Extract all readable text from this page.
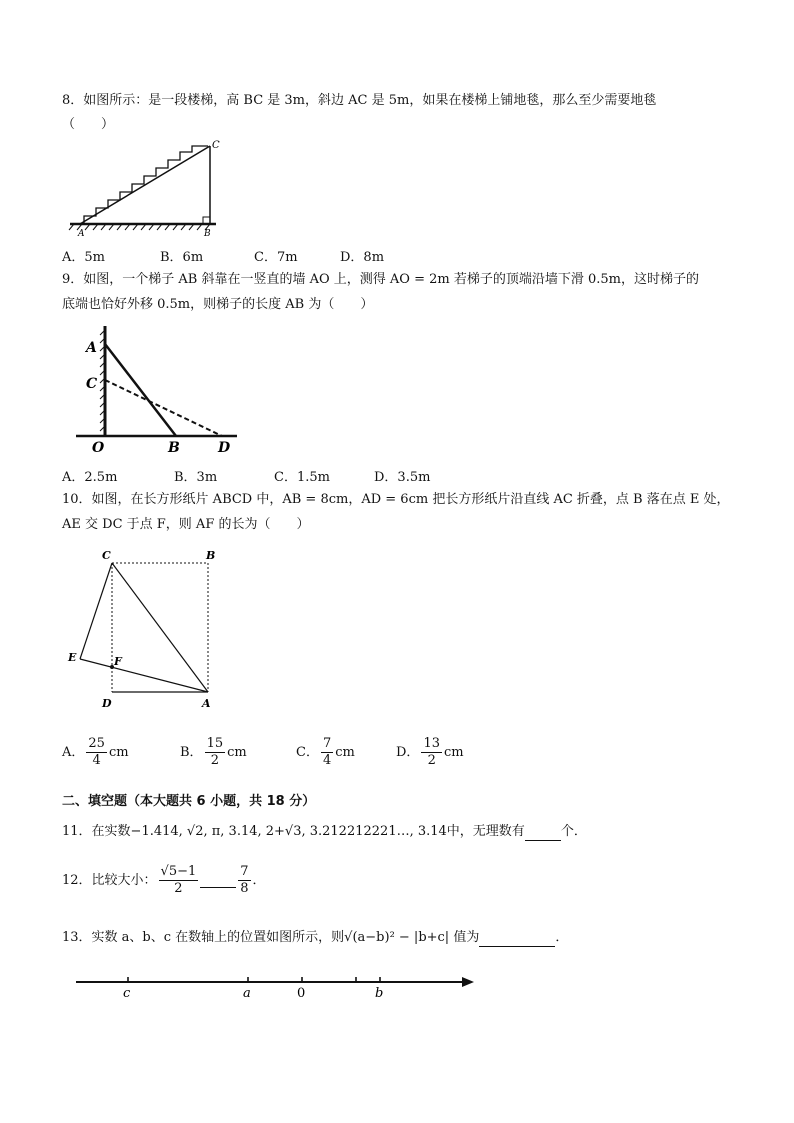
8．如图所示：是一段楼梯，高 BC 是 3m，斜边 AC 是 5m，如果在楼梯上铺地毯，那么至少需要地毯
（　　）
C
A	B
A．5m	B．6m	C．7m	D．8m
9．如图，一个梯子 AB 斜靠在一竖直的墙 AO 上，测得 AO = 2m 若梯子的顶端沿墙下滑 0.5m，这时梯子的
底端也恰好外移 0.5m，则梯子的长度 AB 为（　　）
A
C
O	B	D
A．2.5m	B．3m	C．1.5m	D．3.5m
10．如图，在长方形纸片 ABCD 中，AB = 8cm，AD = 6cm 把长方形纸片沿直线 AC 折叠，点 B 落在点 E 处，
AE 交 DC 于点 F，则 AF 的长为（　　）
C	B
E	F
D	A
A． $\frac{25}{4}$ cm	B． $\frac{15}{2}$ cm	C． $\frac{7}{4}$ cm	D． $\frac{13}{2}$ cm
二、填空题（本大题共 6 小题，共 18 分）
11．在实数−1.414, √2, π, 3.14, 2+√3, 3.212212221…, 3.14中，无理数有	个．
12．比较大小： $\frac{√5-1}{2}$	$\frac{7}{8}$ ．
13．实数 a、b、c 在数轴上的位置如图所示，则√(a−b)² − |b+c| 值为	．
c	a	0	b
